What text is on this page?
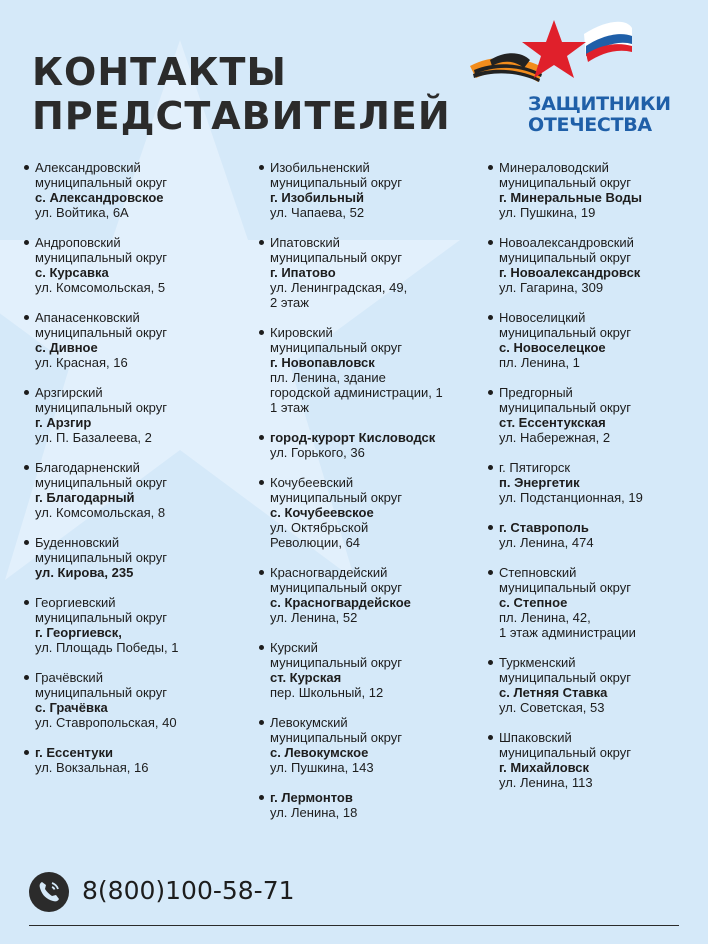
КОНТАКТЫ
ПРЕДСТАВИТЕЛЕЙ	ЗАЩИТНИКИ
ОТЕЧЕСТВА
Александровский
муниципальный округ
с. Александровское
ул. Войтика, 6А
Андроповский
муниципальный округ
с. Курсавка
ул. Комсомольская, 5
Апанасенковский
муниципальный округ
с. Дивное
ул. Красная, 16
Арзгирский
муниципальный округ
г. Арзгир
ул. П. Базалеева, 2
Благодарненский
муниципальный округ
г. Благодарный
ул. Комсомольская, 8
Буденновский
муниципальный округ
ул. Кирова, 235
Георгиевский
муниципальный округ
г. Георгиевск,
ул. Площадь Победы, 1
Грачёвский
муниципальный округ
с. Грачёвка
ул. Ставропольская, 40
г. Ессентуки
ул. Вокзальная, 16
Изобильненский
муниципальный округ
г. Изобильный
ул. Чапаева, 52
Ипатовский
муниципальный округ
г. Ипатово
ул. Ленинградская, 49,
2 этаж
Кировский
муниципальный округ
г. Новопавловск
пл. Ленина, здание
городской администрации, 1
1 этаж
город-курорт Кисловодск
ул. Горького, 36
Кочубеевский
муниципальный округ
с. Кочубеевское
ул. Октябрьской
Революции, 64
Красногвардейский
муниципальный округ
с. Красногвардейское
ул. Ленина, 52
Курский
муниципальный округ
ст. Курская
пер. Школьный, 12
Левокумский
муниципальный округ
с. Левокумское
ул. Пушкина, 143
г. Лермонтов
ул. Ленина, 18
Минераловодский
муниципальный округ
г. Минеральные Воды
ул. Пушкина, 19
Новоалександровский
муниципальный округ
г. Новоалександровск
ул. Гагарина, 309
Новоселицкий
муниципальный округ
с. Новоселецкое
пл. Ленина, 1
Предгорный
муниципальный округ
ст. Ессентукская
ул. Набережная, 2
г. Пятигорск
п. Энергетик
ул. Подстанционная, 19
г. Ставрополь
ул. Ленина, 474
Степновский
муниципальный округ
с. Степное
пл. Ленина, 42,
1 этаж администрации
Туркменский
муниципальный округ
с. Летняя Ставка
ул. Советская, 53
Шпаковский
муниципальный округ
г. Михайловск
ул. Ленина, 113
8(800)100-58-71
